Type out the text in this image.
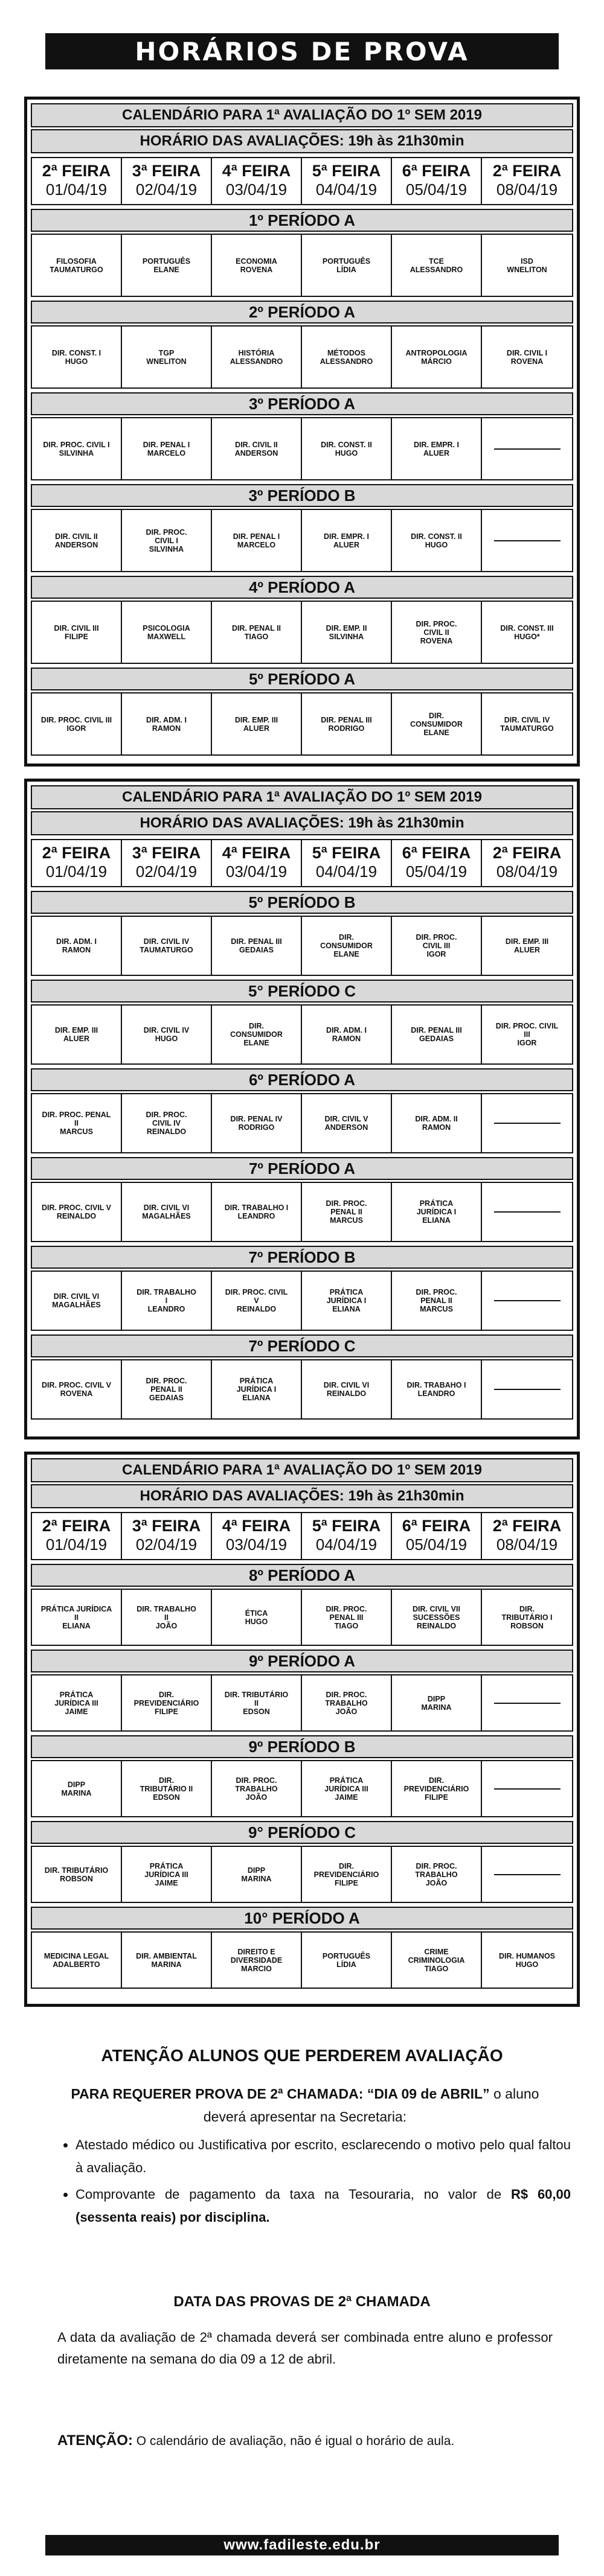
HORÁRIOS DE PROVA
CALENDÁRIO PARA 1ª AVALIAÇÃO DO 1º SEM 2019
HORÁRIO DAS AVALIAÇÕES: 19h às 21h30min
2ª FEIRA
01/04/19
3ª FEIRA
02/04/19
4ª FEIRA
03/04/19
5ª FEIRA
04/04/19
6ª FEIRA
05/04/19
2ª FEIRA
08/04/19
1º PERÍODO A
FILOSOFIA
TAUMATURGO
PORTUGUÊS
ELANE
ECONOMIA
ROVENA
PORTUGUÊS
LÍDIA
TCE
ALESSANDRO
ISD
WNELITON
2º PERÍODO A
DIR. CONST. I
HUGO
TGP
WNELITON
HISTÓRIA
ALESSANDRO
MÉTODOS
ALESSANDRO
ANTROPOLOGIA
MÁRCIO
DIR. CIVIL I
ROVENA
3º PERÍODO A
DIR. PROC. CIVIL I
SILVINHA
DIR. PENAL I
MARCELO
DIR. CIVIL II
ANDERSON
DIR. CONST. II
HUGO
DIR. EMPR. I
ALUER
3º PERÍODO B
DIR. CIVIL II
ANDERSON
DIR. PROC.
CIVIL I
SILVINHA
DIR. PENAL I
MARCELO
DIR. EMPR. I
ALUER
DIR. CONST. II
HUGO
4º PERÍODO A
DIR. CIVIL III
FILIPE
PSICOLOGIA
MAXWELL
DIR. PENAL II
TIAGO
DIR. EMP. II
SILVINHA
DIR. PROC.
CIVIL II
ROVENA
DIR. CONST. III
HUGO*
5º PERÍODO A
DIR. PROC. CIVIL III
IGOR
DIR. ADM. I
RAMON
DIR. EMP. III
ALUER
DIR. PENAL III
RODRIGO
DIR.
CONSUMIDOR
ELANE
DIR. CIVIL IV
TAUMATURGO
CALENDÁRIO PARA 1ª AVALIAÇÃO DO 1º SEM 2019
HORÁRIO DAS AVALIAÇÕES: 19h às 21h30min
2ª FEIRA
01/04/19
3ª FEIRA
02/04/19
4ª FEIRA
03/04/19
5ª FEIRA
04/04/19
6ª FEIRA
05/04/19
2ª FEIRA
08/04/19
5º PERÍODO B
DIR. ADM. I
RAMON
DIR. CIVIL IV
TAUMATURGO
DIR. PENAL III
GEDAIAS
DIR.
CONSUMIDOR
ELANE
DIR. PROC.
CIVIL III
IGOR
DIR. EMP. III
ALUER
5° PERÍODO C
DIR. EMP. III
ALUER
DIR. CIVIL IV
HUGO
DIR.
CONSUMIDOR
ELANE
DIR. ADM. I
RAMON
DIR. PENAL III
GEDAIAS
DIR. PROC. CIVIL
III
IGOR
6º PERÍODO A
DIR. PROC. PENAL
II
MARCUS
DIR. PROC.
CIVIL IV
REINALDO
DIR. PENAL IV
RODRIGO
DIR. CIVIL V
ANDERSON
DIR. ADM. II
RAMON
7º PERÍODO A
DIR. PROC. CIVIL V
REINALDO
DIR. CIVIL VI
MAGALHÃES
DIR. TRABALHO I
LEANDRO
DIR. PROC.
PENAL II
MARCUS
PRÁTICA
JURÍDICA I
ELIANA
7º PERÍODO B
DIR. CIVIL VI
MAGALHÃES
DIR. TRABALHO
I
LEANDRO
DIR. PROC. CIVIL
V
REINALDO
PRÁTICA
JURÍDICA I
ELIANA
DIR. PROC.
PENAL II
MARCUS
7º PERÍODO C
DIR. PROC. CIVIL V
ROVENA
DIR. PROC.
PENAL II
GEDAIAS
PRÁTICA
JURÍDICA I
ELIANA
DIR. CIVIL VI
REINALDO
DIR. TRABAHO I
LEANDRO
CALENDÁRIO PARA 1ª AVALIAÇÃO DO 1º SEM 2019
HORÁRIO DAS AVALIAÇÕES: 19h às 21h30min
2ª FEIRA
01/04/19
3ª FEIRA
02/04/19
4ª FEIRA
03/04/19
5ª FEIRA
04/04/19
6ª FEIRA
05/04/19
2ª FEIRA
08/04/19
8º PERÍODO A
PRÁTICA JURÍDICA
II
ELIANA
DIR. TRABALHO
II
JOÃO
ÉTICA
HUGO
DIR. PROC.
PENAL III
TIAGO
DIR. CIVIL VII
SUCESSÕES
REINALDO
DIR.
TRIBUTÁRIO I
ROBSON
9º PERÍODO A
PRÁTICA
JURÍDICA III
JAIME
DIR.
PREVIDENCIÁRIO
FILIPE
DIR. TRIBUTÁRIO
II
EDSON
DIR. PROC.
TRABALHO
JOÃO
DIPP
MARINA
9º PERÍODO B
DIPP
MARINA
DIR.
TRIBUTÁRIO II
EDSON
DIR. PROC.
TRABALHO
JOÃO
PRÁTICA
JURÍDICA III
JAIME
DIR.
PREVIDENCIÁRIO
FILIPE
9° PERÍODO C
DIR. TRIBUTÁRIO
ROBSON
PRÁTICA
JURÍDICA III
JAIME
DIPP
MARINA
DIR.
PREVIDENCIÁRIO
FILIPE
DIR. PROC.
TRABALHO
JOÃO
10° PERÍODO A
MEDICINA LEGAL
ADALBERTO
DIR. AMBIENTAL
MARINA
DIREITO E
DIVERSIDADE
MARCIO
PORTUGUÊS
LÍDIA
CRIME
CRIMINOLOGIA
TIAGO
DIR. HUMANOS
HUGO
ATENÇÃO ALUNOS QUE PERDEREM AVALIAÇÃO
PARA REQUERER PROVA DE 2ª CHAMADA: “DIA 09 de ABRIL” o aluno deverá apresentar na Secretaria:
• Atestado médico ou Justificativa por escrito, esclarecendo o motivo pelo qual faltou à avaliação.
• Comprovante de pagamento da taxa na Tesouraria, no valor de R$ 60,00 (sessenta reais) por disciplina.
DATA DAS PROVAS DE 2ª CHAMADA
A data da avaliação de 2ª chamada deverá ser combinada entre aluno e professor diretamente na semana do dia 09 a 12 de abril.
ATENÇÃO: O calendário de avaliação, não é igual o horário de aula.
www.fadileste.edu.br
